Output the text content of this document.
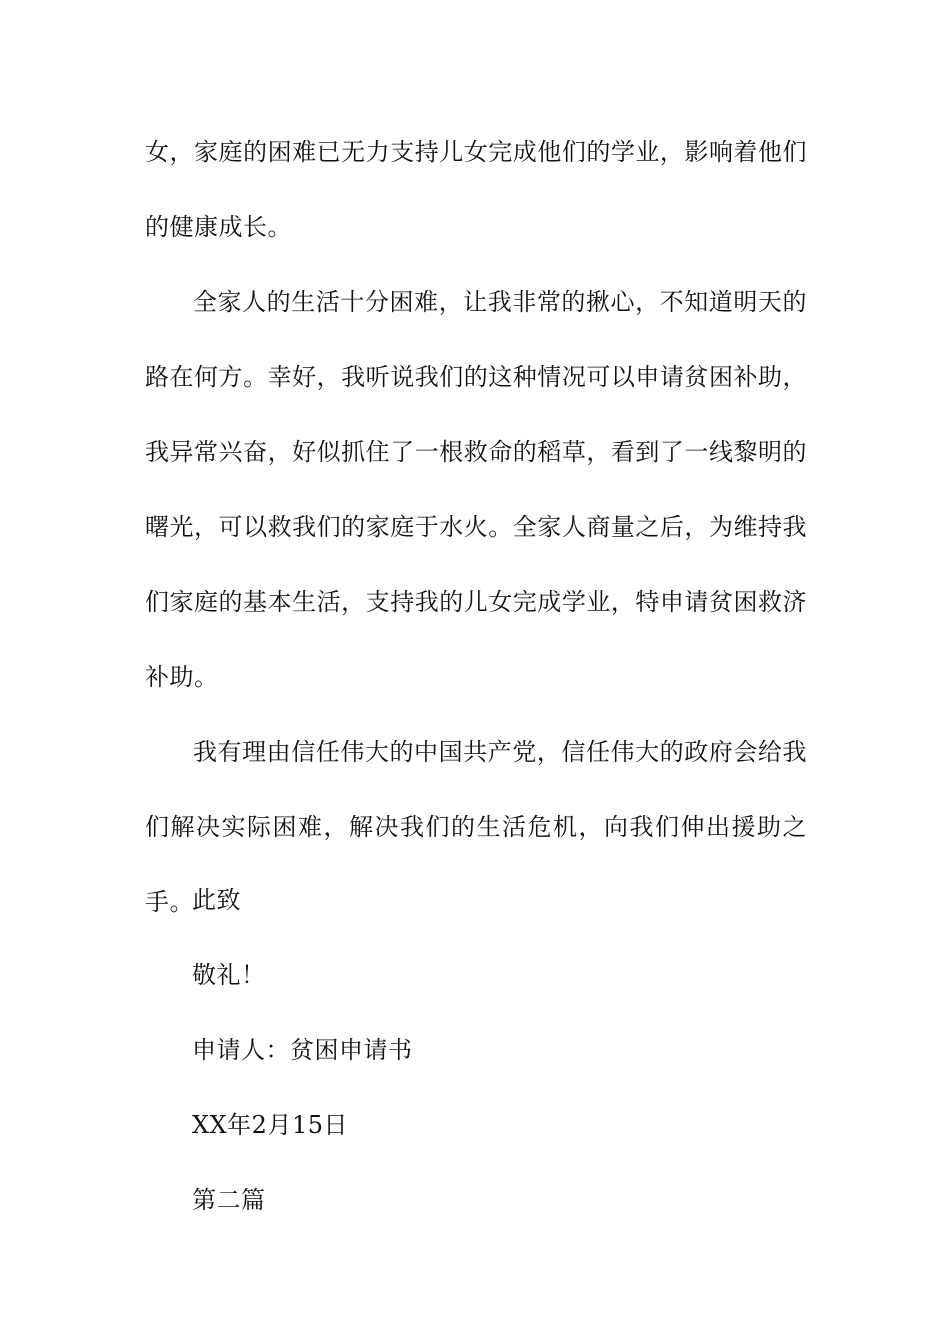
女，家庭的困难已无力支持儿女完成他们的学业，影响着他们的健康成长。

全家人的生活十分困难，让我非常的揪心，不知道明天的路在何方。幸好，我听说我们的这种情况可以申请贫困补助，我异常兴奋，好似抓住了一根救命的稻草，看到了一线黎明的曙光，可以救我们的家庭于水火。全家人商量之后，为维持我们家庭的基本生活，支持我的儿女完成学业，特申请贫困救济补助。

我有理由信任伟大的中国共产党，信任伟大的政府会给我们解决实际困难，解决我们的生活危机，向我们伸出援助之手。

此致
敬礼！
申请人：贫困申请书
XX年2月15日
第二篇
